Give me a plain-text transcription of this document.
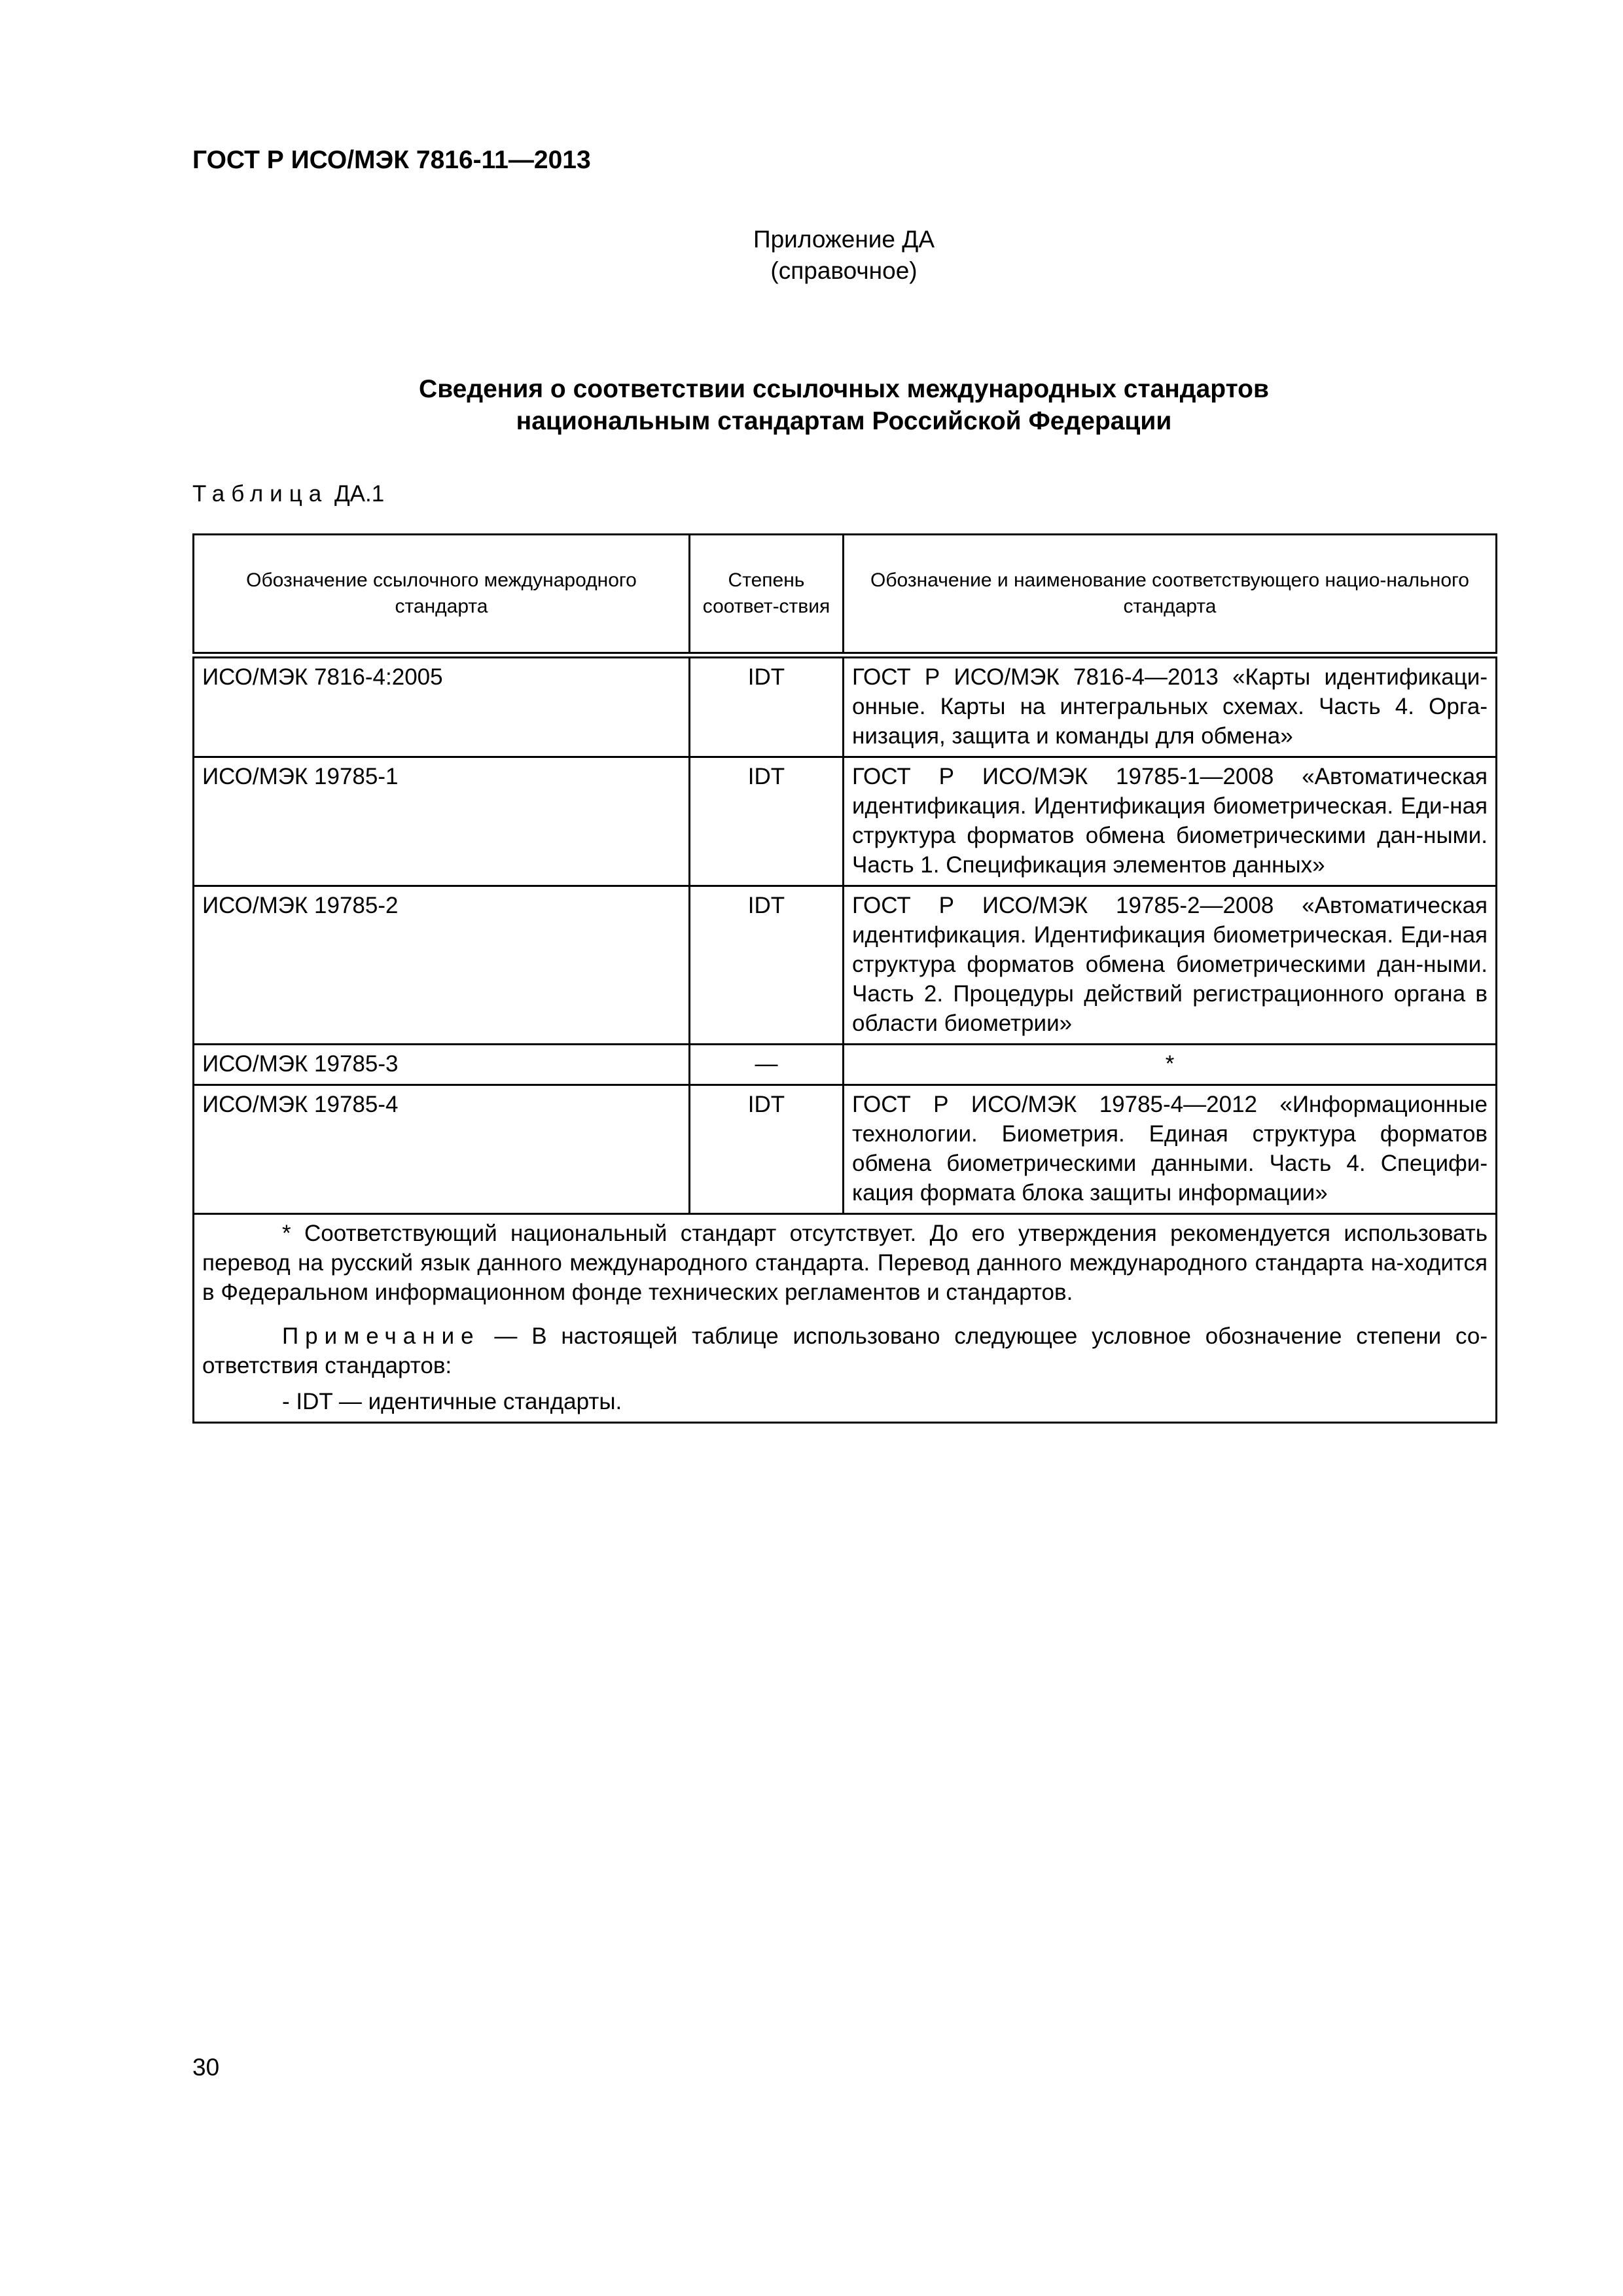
ГОСТ Р ИСО/МЭК 7816-11—2013
Приложение ДА
(справочное)
Сведения о соответствии ссылочных международных стандартов
национальным стандартам Российской Федерации
Таблица ДА.1
Обозначение ссылочного международного стандарта	Степень соответ-ствия	Обозначение и наименование соответствующего нацио-нального стандарта
ИСО/МЭК 7816-4:2005	IDT	ГОСТ Р ИСО/МЭК 7816-4—2013 «Карты идентификаци-онные. Карты на интегральных схемах. Часть 4. Орга-низация, защита и команды для обмена»
ИСО/МЭК 19785-1	IDT	ГОСТ Р ИСО/МЭК 19785-1—2008 «Автоматическая идентификация. Идентификация биометрическая. Еди-ная структура форматов обмена биометрическими дан-ными. Часть 1. Спецификация элементов данных»
ИСО/МЭК 19785-2	IDT	ГОСТ Р ИСО/МЭК 19785-2—2008 «Автоматическая идентификация. Идентификация биометрическая. Еди-ная структура форматов обмена биометрическими дан-ными. Часть 2. Процедуры действий регистрационного органа в области биометрии»
ИСО/МЭК 19785-3	—	*
ИСО/МЭК 19785-4	IDT	ГОСТ Р ИСО/МЭК 19785-4—2012 «Информационные технологии. Биометрия. Единая структура форматов обмена биометрическими данными. Часть 4. Специфи-кация формата блока защиты информации»

* Соответствующий национальный стандарт отсутствует. До его утверждения рекомендуется использовать перевод на русский язык данного международного стандарта. Перевод данного международного стандарта на-ходится в Федеральном информационном фонде технических регламентов и стандартов.

Примечание — В настоящей таблице использовано следующее условное обозначение степени со-ответствия стандартов:

- IDT — идентичные стандарты.		

30
